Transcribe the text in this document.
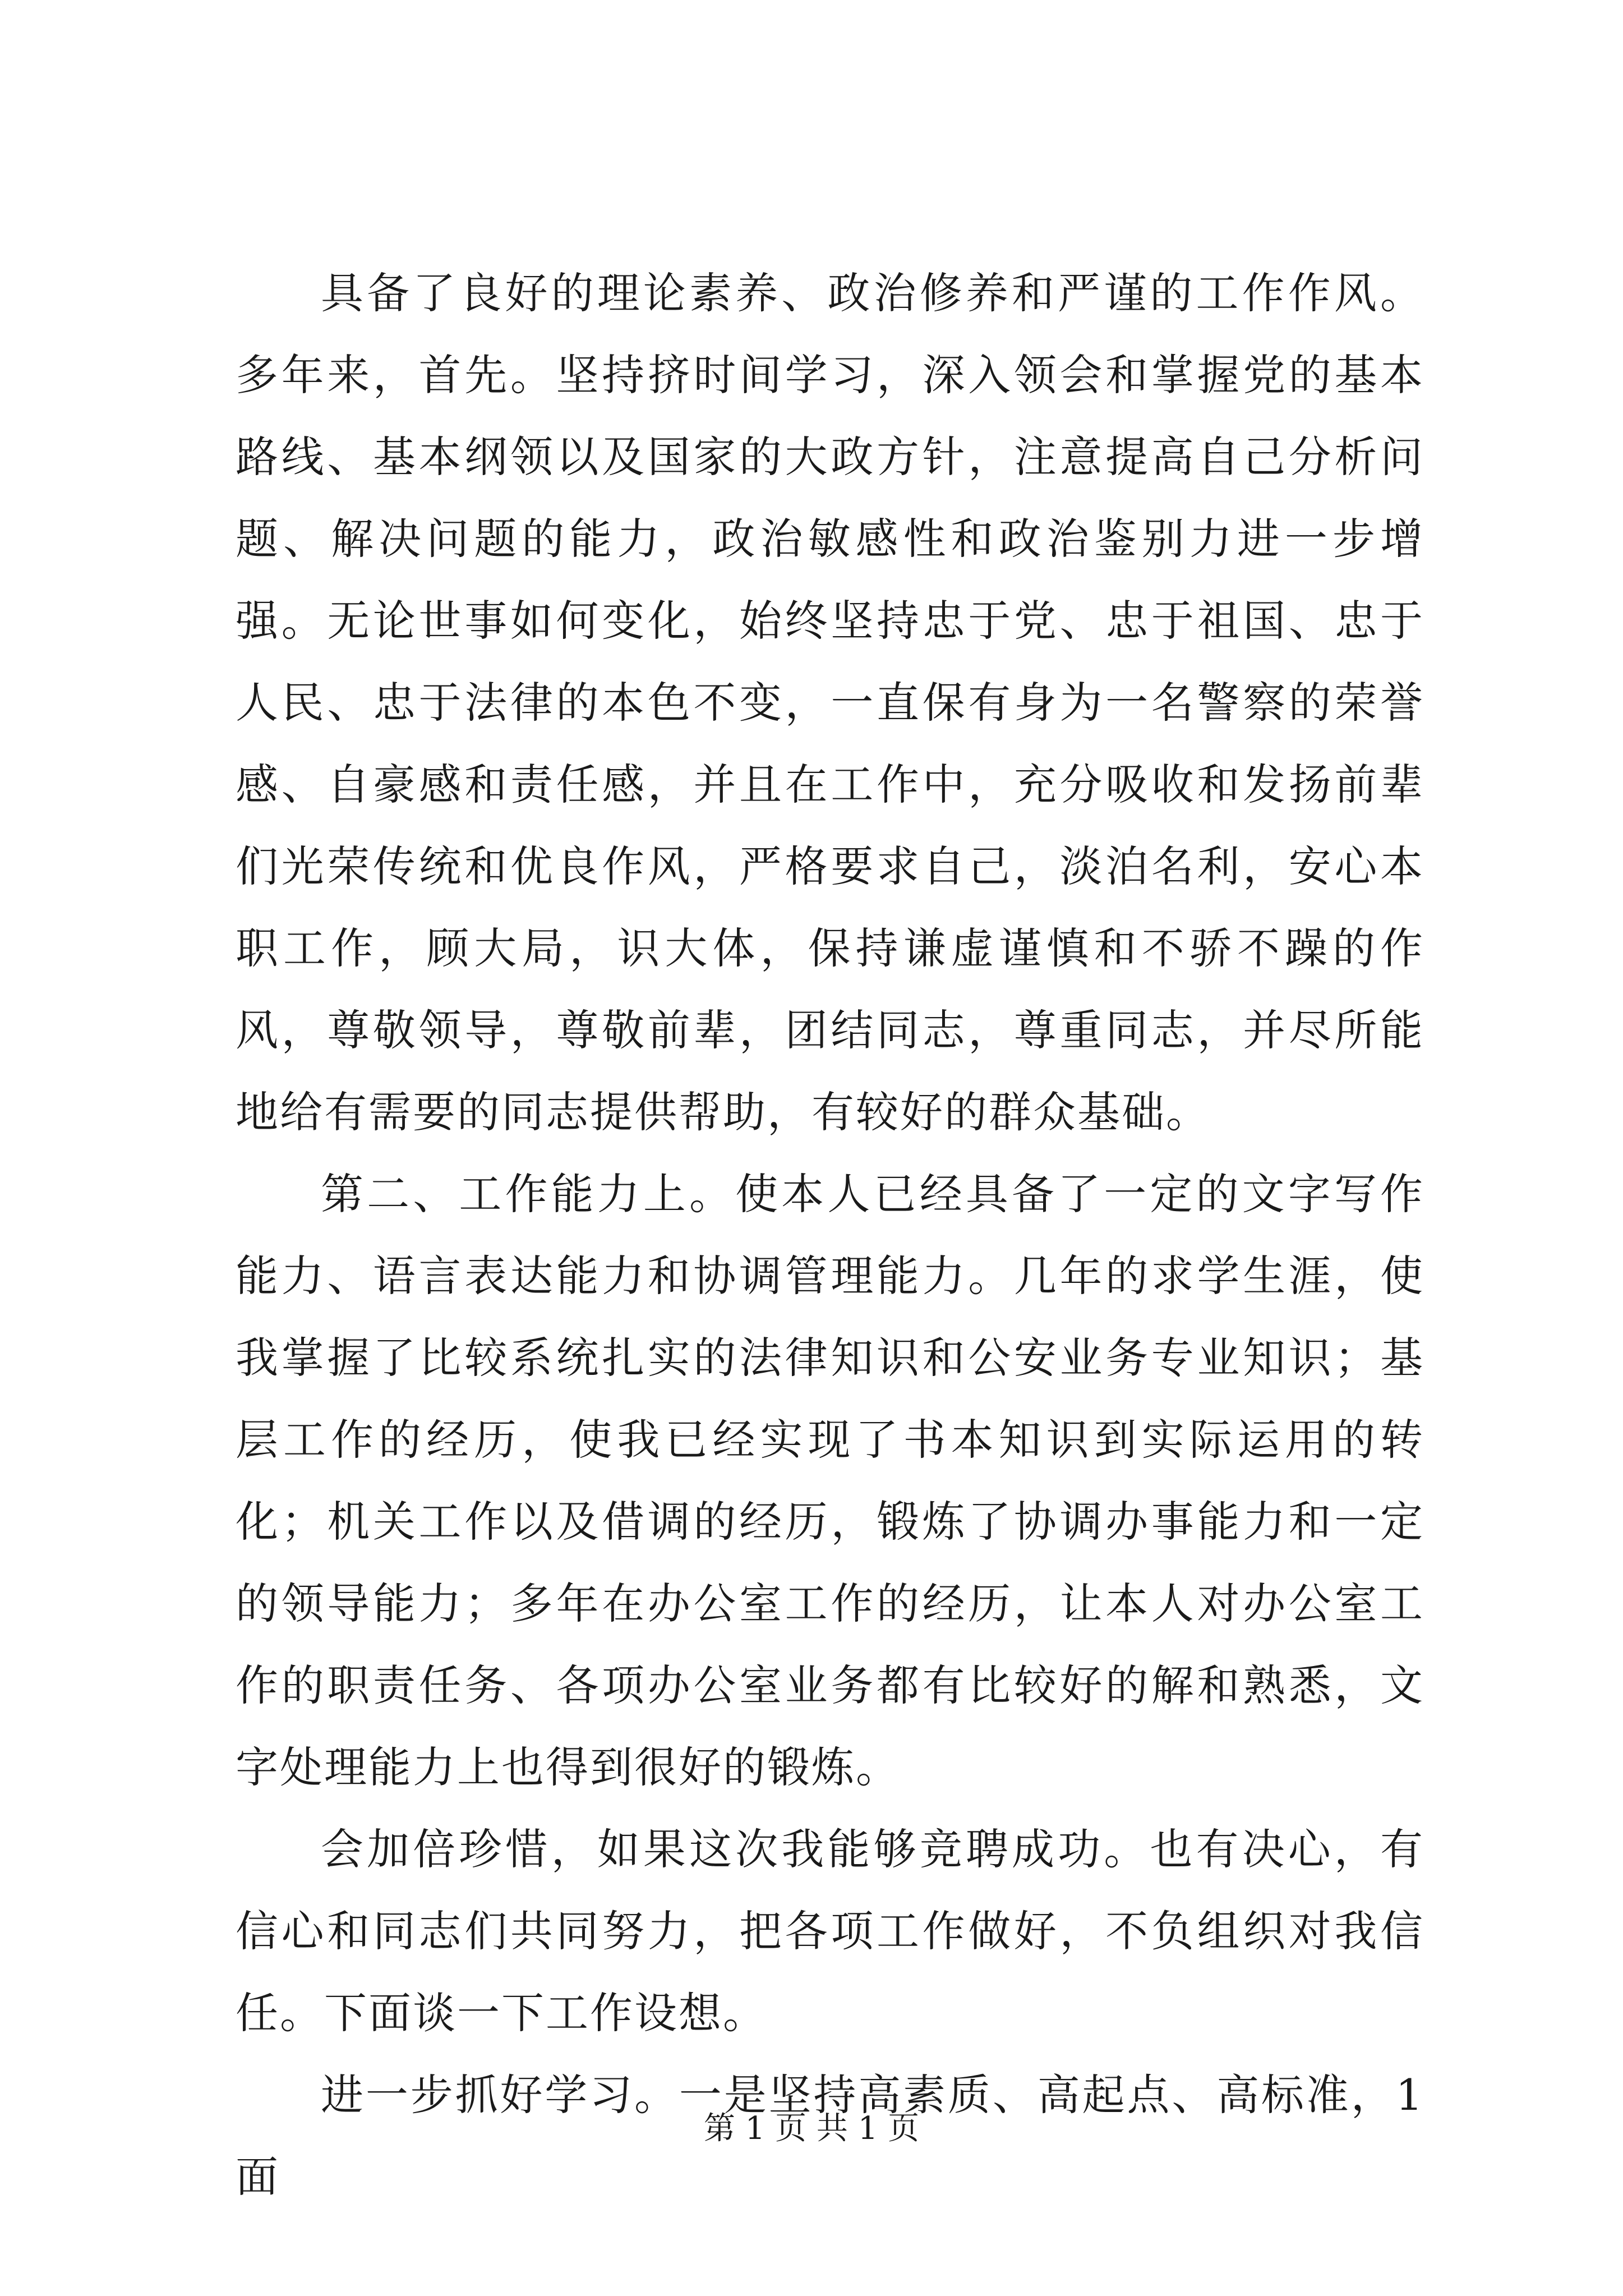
具备了良好的理论素养、政治修养和严谨的工作作风。多年来，首先。坚持挤时间学习，深入领会和掌握党的基本路线、基本纲领以及国家的大政方针，注意提高自己分析问题、解决问题的能力，政治敏感性和政治鉴别力进一步增强。无论世事如何变化，始终坚持忠于党、忠于祖国、忠于人民、忠于法律的本色不变，一直保有身为一名警察的荣誉感、自豪感和责任感，并且在工作中，充分吸收和发扬前辈们光荣传统和优良作风，严格要求自己，淡泊名利，安心本职工作，顾大局，识大体，保持谦虚谨慎和不骄不躁的作风，尊敬领导，尊敬前辈，团结同志，尊重同志，并尽所能地给有需要的同志提供帮助，有较好的群众基础。

第二、工作能力上。使本人已经具备了一定的文字写作能力、语言表达能力和协调管理能力。几年的求学生涯，使我掌握了比较系统扎实的法律知识和公安业务专业知识；基层工作的经历，使我已经实现了书本知识到实际运用的转化；机关工作以及借调的经历，锻炼了协调办事能力和一定的领导能力；多年在办公室工作的经历，让本人对办公室工作的职责任务、各项办公室业务都有比较好的解和熟悉，文字处理能力上也得到很好的锻炼。

会加倍珍惜，如果这次我能够竞聘成功。也有决心，有信心和同志们共同努力，把各项工作做好，不负组织对我信任。下面谈一下工作设想。

进一步抓好学习。一是坚持高素质、高起点、高标准，1面

第 1 页 共 1 页
